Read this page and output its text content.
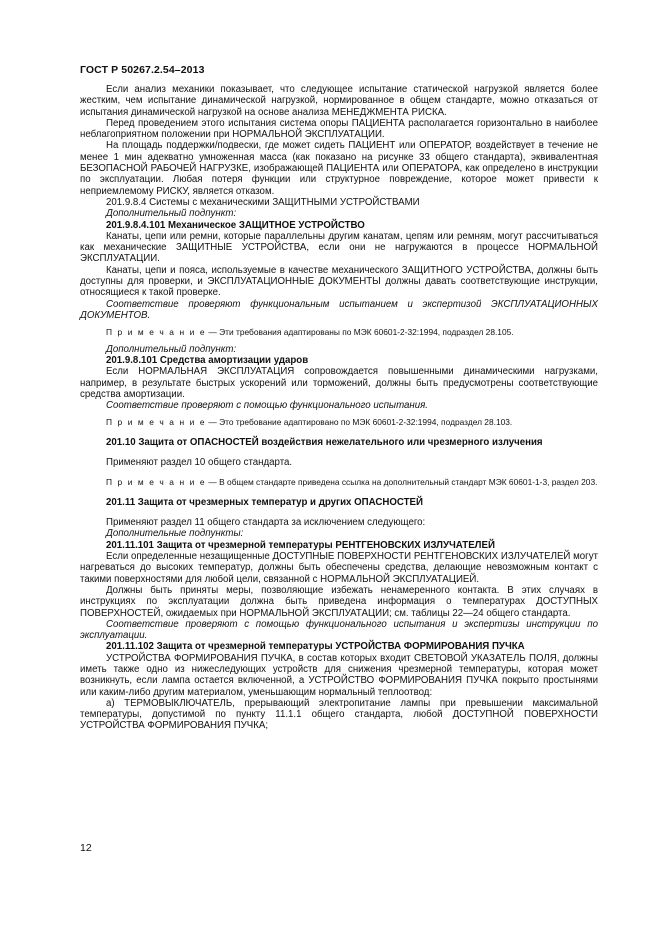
ГОСТ Р 50267.2.54–2013

Если анализ механики показывает, что следующее испытание статической нагрузкой является более жестким, чем испытание динамической нагрузкой, нормированное в общем стандарте, можно отказаться от испытания динамической нагрузкой на основе анализа МЕНЕДЖМЕНТА РИСКА.

Перед проведением этого испытания система опоры ПАЦИЕНТА располагается горизонтально в наиболее неблагоприятном положении при НОРМАЛЬНОЙ ЭКСПЛУАТАЦИИ.

На площадь поддержки/подвески, где может сидеть ПАЦИЕНТ или ОПЕРАТОР, воздействует в течение не менее 1 мин адекватно умноженная масса (как показано на рисунке 33 общего стандарта), эквивалентная БЕЗОПАСНОЙ РАБОЧЕЙ НАГРУЗКЕ, изображающей ПАЦИЕНТА или ОПЕРАТОРА, как определено в инструкции по эксплуатации. Любая потеря функции или структурное повреждение, которое может привести к неприемлемому РИСКУ, является отказом.

201.9.8.4 Системы с механическими ЗАЩИТНЫМИ УСТРОЙСТВАМИ

Дополнительный подпункт:

201.9.8.4.101 Механическое ЗАЩИТНОЕ УСТРОЙСТВО

Канаты, цепи или ремни, которые параллельны другим канатам, цепям или ремням, могут рассчитываться как механические ЗАЩИТНЫЕ УСТРОЙСТВА, если они не нагружаются в процессе НОРМАЛЬНОЙ ЭКСПЛУАТАЦИИ.

Канаты, цепи и пояса, используемые в качестве механического ЗАЩИТНОГО УСТРОЙСТВА, должны быть доступны для проверки, и ЭКСПЛУАТАЦИОННЫЕ ДОКУМЕНТЫ должны давать соответствующие инструкции, относящиеся к такой проверке.

Соответствие проверяют функциональным испытанием и экспертизой ЭКСПЛУАТАЦИОННЫХ ДОКУМЕНТОВ.

П р и м е ч а н и е — Эти требования адаптированы по МЭК 60601-2-32:1994, подраздел 28.105.

Дополнительный подпункт:

201.9.8.101 Средства амортизации ударов

Если НОРМАЛЬНАЯ ЭКСПЛУАТАЦИЯ сопровождается повышенными динамическими нагрузками, например, в результате быстрых ускорений или торможений, должны быть предусмотрены соответствующие средства амортизации.

Соответствие проверяют с помощью функционального испытания.

П р и м е ч а н и е — Это требование адаптировано по МЭК 60601-2-32:1994, подраздел 28.103.

201.10 Защита от ОПАСНОСТЕЙ воздействия нежелательного или чрезмерного излучения

Применяют раздел 10 общего стандарта.

П р и м е ч а н и е — В общем стандарте приведена ссылка на дополнительный стандарт МЭК 60601-1-3, раздел 203.

201.11 Защита от чрезмерных температур и других ОПАСНОСТЕЙ

Применяют раздел 11 общего стандарта за исключением следующего:

Дополнительные подпункты:

201.11.101 Защита от чрезмерной температуры РЕНТГЕНОВСКИХ ИЗЛУЧАТЕЛЕЙ

Если определенные незащищенные ДОСТУПНЫЕ ПОВЕРХНОСТИ РЕНТГЕНОВСКИХ ИЗЛУЧАТЕЛЕЙ могут нагреваться до высоких температур, должны быть обеспечены средства, делающие невозможным контакт с такими поверхностями для любой цели, связанной с НОРМАЛЬНОЙ ЭКСПЛУАТАЦИЕЙ.

Должны быть приняты меры, позволяющие избежать ненамеренного контакта. В этих случаях в инструкциях по эксплуатации должна быть приведена информация о температурах ДОСТУПНЫХ ПОВЕРХНОСТЕЙ, ожидаемых при НОРМАЛЬНОЙ ЭКСПЛУАТАЦИИ; см. таблицы 22—24 общего стандарта.

Соответствие проверяют с помощью функционального испытания и экспертизы инструкции по эксплуатации.

201.11.102 Защита от чрезмерной температуры УСТРОЙСТВА ФОРМИРОВАНИЯ ПУЧКА

УСТРОЙСТВА ФОРМИРОВАНИЯ ПУЧКА, в состав которых входит СВЕТОВОЙ УКАЗАТЕЛЬ ПОЛЯ, должны иметь также одно из нижеследующих устройств для снижения чрезмерной температуры, которая может возникнуть, если лампа остается включенной, а УСТРОЙСТВО ФОРМИРОВАНИЯ ПУЧКА покрыто простынями или каким-либо другим материалом, уменьшающим нормальный теплоотвод:

а) ТЕРМОВЫКЛЮЧАТЕЛЬ, прерывающий электропитание лампы при превышении максимальной температуры, допустимой по пункту 11.1.1 общего стандарта, любой ДОСТУПНОЙ ПОВЕРХНОСТИ УСТРОЙСТВА ФОРМИРОВАНИЯ ПУЧКА;

12
